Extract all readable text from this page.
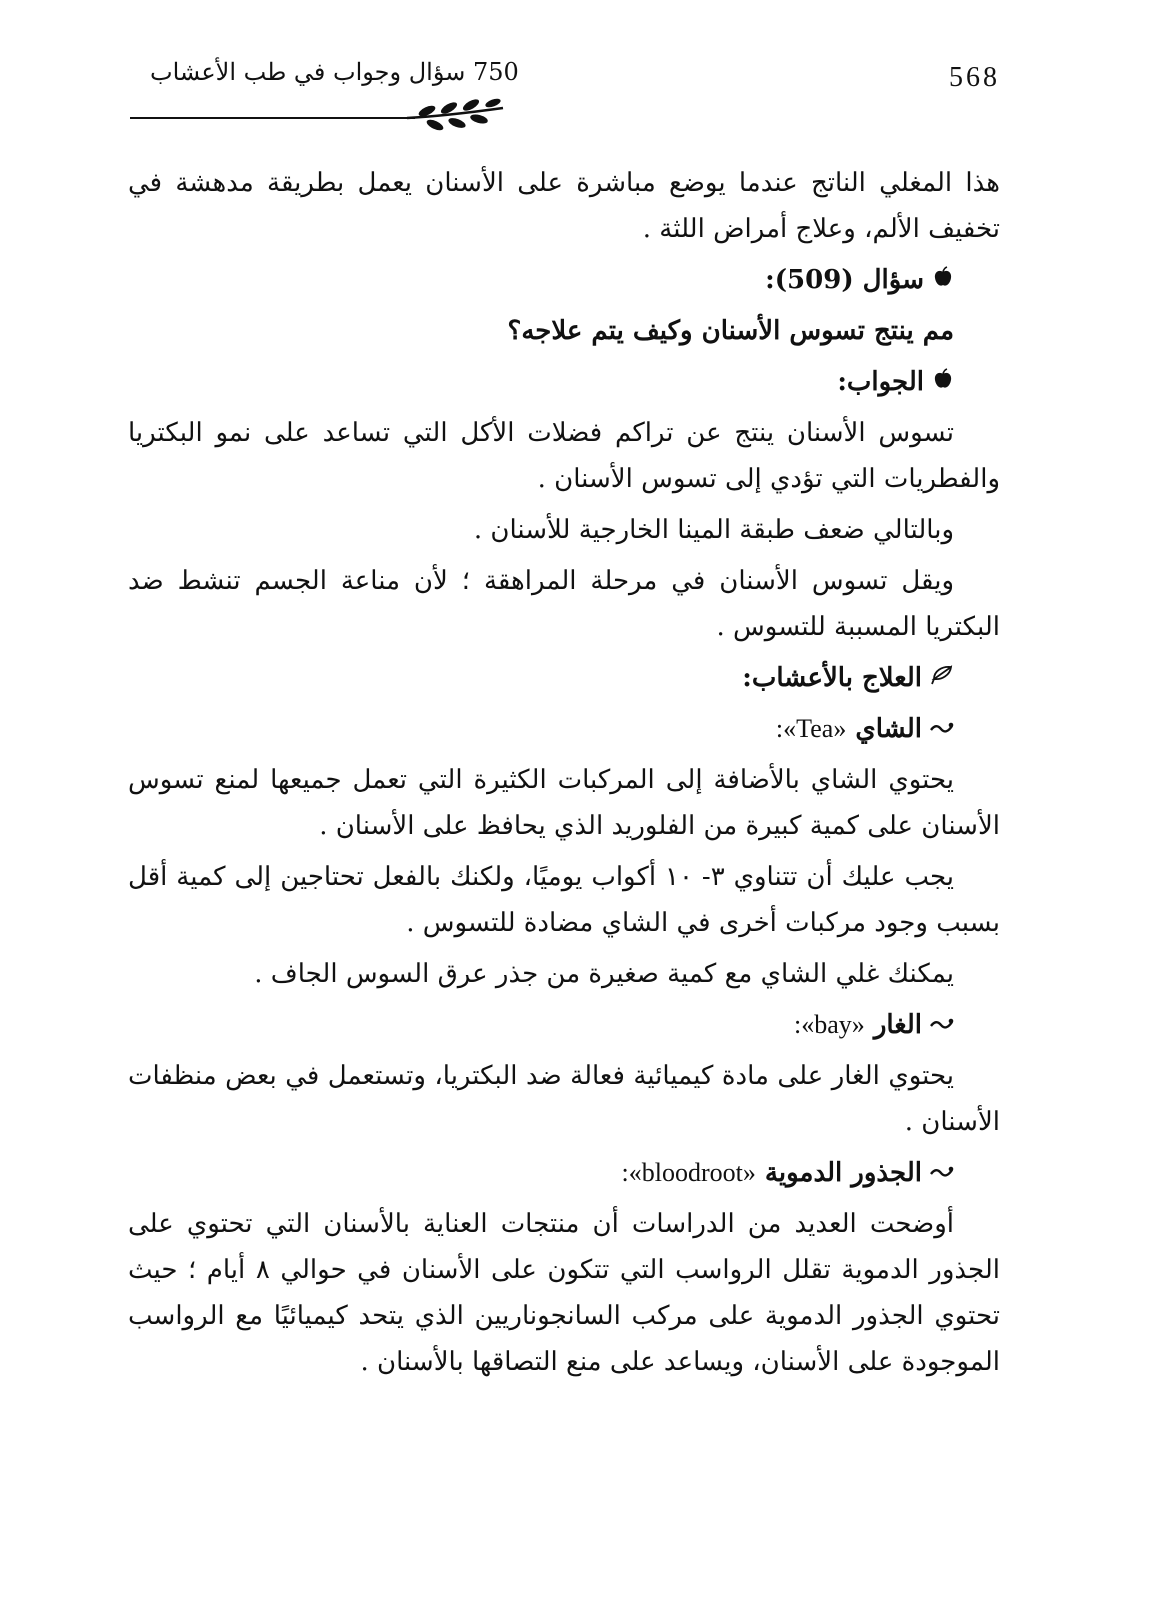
568
750 سؤال وجواب في طب الأعشاب

هذا المغلي الناتج عندما يوضع مباشرة على الأسنان يعمل بطريقة مدهشة في تخفيف الألم، وعلاج أمراض اللثة .

سؤال (509):
مم ينتج تسوس الأسنان وكيف يتم علاجه؟
الجواب:

تسوس الأسنان ينتج عن تراكم فضلات الأكل التي تساعد على نمو البكتريا والفطريات التي تؤدي إلى تسوس الأسنان .

وبالتالي ضعف طبقة المينا الخارجية للأسنان .

ويقل تسوس الأسنان في مرحلة المراهقة ؛ لأن مناعة الجسم تنشط ضد البكتريا المسببة للتسوس .

العلاج بالأعشاب:
الشاي «Tea»:

يحتوي الشاي بالأضافة إلى المركبات الكثيرة التي تعمل جميعها لمنع تسوس الأسنان على كمية كبيرة من الفلوريد الذي يحافظ على الأسنان .

يجب عليك أن تتناوي ٣- ١٠ أكواب يوميًا، ولكنك بالفعل تحتاجين إلى كمية أقل بسبب وجود مركبات أخرى في الشاي مضادة للتسوس .

يمكنك غلي الشاي مع كمية صغيرة من جذر عرق السوس الجاف .

الغار «bay»:

يحتوي الغار على مادة كيميائية فعالة ضد البكتريا، وتستعمل في بعض منظفات الأسنان .

الجذور الدموية «bloodroot»:

أوضحت العديد من الدراسات أن منتجات العناية بالأسنان التي تحتوي على الجذور الدموية تقلل الرواسب التي تتكون على الأسنان في حوالي ٨ أيام ؛ حيث تحتوي الجذور الدموية على مركب السانجوناريين الذي يتحد كيميائيًا مع الرواسب الموجودة على الأسنان، ويساعد على منع التصاقها بالأسنان .
